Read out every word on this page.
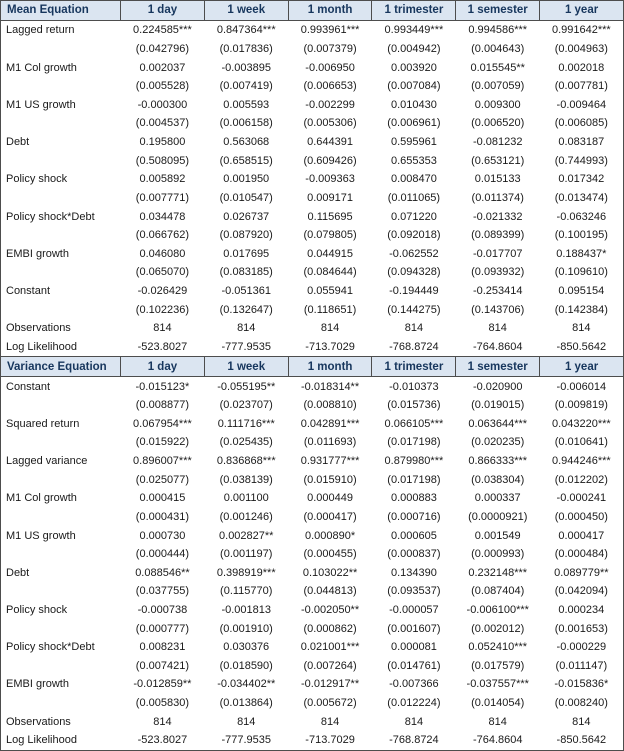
Mean Equation	1 day	1 week	1 month	1 trimester	1 semester	1 year
Lagged return	0.224585***	0.847364***	0.993961***	0.993449***	0.994586***	0.991642***
	(0.042796)	(0.017836)	(0.007379)	(0.004942)	(0.004643)	(0.004963)
M1 Col growth	0.002037	-0.003895	-0.006950	0.003920	0.015545**	0.002018
	(0.005528)	(0.007419)	(0.006653)	(0.007084)	(0.007059)	(0.007781)
M1 US growth	-0.000300	0.005593	-0.002299	0.010430	0.009300	-0.009464
	(0.004537)	(0.006158)	(0.005306)	(0.006961)	(0.006520)	(0.006085)
Debt	0.195800	0.563068	0.644391	0.595961	-0.081232	0.083187
	(0.508095)	(0.658515)	(0.609426)	0.655353	(0.653121)	(0.744993)
Policy shock	0.005892	0.001950	-0.009363	0.008470	0.015133	0.017342
	(0.007771)	(0.010547)	0.009171	(0.011065)	(0.011374)	(0.013474)
Policy shock*Debt	0.034478	0.026737	0.115695	0.071220	-0.021332	-0.063246
	(0.066762)	(0.087920)	(0.079805)	(0.092018)	(0.089399)	(0.100195)
EMBI growth	0.046080	0.017695	0.044915	-0.062552	-0.017707	0.188437*
	(0.065070)	(0.083185)	(0.084644)	(0.094328)	(0.093932)	(0.109610)
Constant	-0.026429	-0.051361	0.055941	-0.194449	-0.253414	0.095154
	(0.102236)	(0.132647)	(0.118651)	(0.144275)	(0.143706)	(0.142384)
Observations	814	814	814	814	814	814
Log Likelihood	-523.8027	-777.9535	-713.7029	-768.8724	-764.8604	-850.5642
Variance Equation	1 day	1 week	1 month	1 trimester	1 semester	1 year
Constant	-0.015123*	-0.055195**	-0.018314**	-0.010373	-0.020900	-0.006014
	(0.008877)	(0.023707)	(0.008810)	(0.015736)	(0.019015)	(0.009819)
Squared return	0.067954***	0.111716***	0.042891***	0.066105***	0.063644***	0.043220***
	(0.015922)	(0.025435)	(0.011693)	(0.017198)	(0.020235)	(0.010641)
Lagged variance	0.896007***	0.836868***	0.931777***	0.879980***	0.866333***	0.944246***
	(0.025077)	(0.038139)	(0.015910)	(0.017198)	(0.038304)	(0.012202)
M1 Col growth	0.000415	0.001100	0.000449	0.000883	0.000337	-0.000241
	(0.000431)	(0.001246)	(0.000417)	(0.000716)	(0.0000921)	(0.000450)
M1 US growth	0.000730	0.002827**	0.000890*	0.000605	0.001549	0.000417
	(0.000444)	(0.001197)	(0.000455)	(0.000837)	(0.000993)	(0.000484)
Debt	0.088546**	0.398919***	0.103022**	0.134390	0.232148***	0.089779**
	(0.037755)	(0.115770)	(0.044813)	(0.093537)	(0.087404)	(0.042094)
Policy shock	-0.000738	-0.001813	-0.002050**	-0.000057	-0.006100***	0.000234
	(0.000777)	(0.001910)	(0.000862)	(0.001607)	(0.002012)	(0.001653)
Policy shock*Debt	0.008231	0.030376	0.021001***	0.000081	0.052410***	-0.000229
	(0.007421)	(0.018590)	(0.007264)	(0.014761)	(0.017579)	(0.011147)
EMBI growth	-0.012859**	-0.034402**	-0.012917**	-0.007366	-0.037557***	-0.015836*
	(0.005830)	(0.013864)	(0.005672)	(0.012224)	(0.014054)	(0.008240)
Observations	814	814	814	814	814	814
Log Likelihood	-523.8027	-777.9535	-713.7029	-768.8724	-764.8604	-850.5642
